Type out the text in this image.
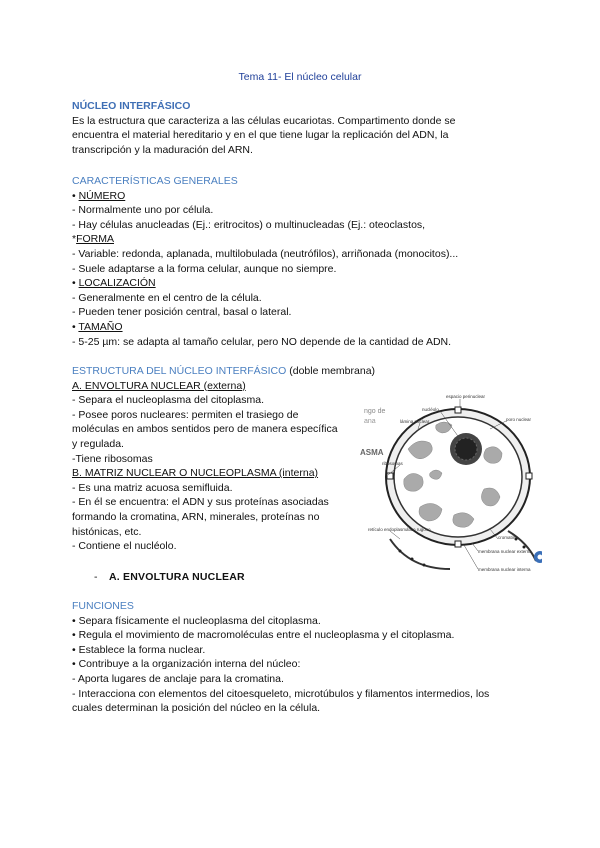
Tema 11- El núcleo celular
NÚCLEO INTERFÁSICO
Es la estructura que caracteriza a las células eucariotas. Compartimento donde se
encuentra el material hereditario y en el que tiene lugar la replicación del ADN, la
transcripción y la maduración del ARN.
CARACTERÍSTICAS GENERALES
• NÚMERO
- Normalmente uno por célula.
- Hay células anucleadas (Ej.: eritrocitos) o multinucleadas (Ej.: oteoclastos,
*FORMA
- Variable: redonda, aplanada, multilobulada (neutrófilos), arriñonada (monocitos)...
- Suele adaptarse a la forma celular, aunque no siempre.
• LOCALIZACIÓN
- Generalmente en el centro de la célula.
- Pueden tener posición central, basal o lateral.
• TAMAÑO
- 5-25 µm: se adapta al tamaño celular, pero NO depende de la cantidad de ADN.
ESTRUCTURA DEL NÚCLEO INTERFÁSICO (doble membrana)
A. ENVOLTURA NUCLEAR (externa)
- Separa el nucleoplasma del citoplasma.
- Posee poros nucleares: permiten el trasiego de
moléculas en ambos sentidos pero de manera específica
y regulada.
-Tiene ribosomas
B. MATRIZ NUCLEAR O NUCLEOPLASMA (interna)
- Es una matriz acuosa semifluida.
- En él se encuentra: el ADN y sus proteínas asociadas
formando la cromatina, ARN, minerales, proteínas no
histónicas, etc.
- Contiene el nucléolo.
ngo de
ana
ASMA
espacio perinuclear
nucléolo
lámina nuclear	poro nuclear
ribosomas
retículo endoplasmático rugoso
cromatina
membrana nuclear externa
membrana nuclear interna
- A. ENVOLTURA NUCLEAR
FUNCIONES
• Separa físicamente el nucleoplasma del citoplasma.
• Regula el movimiento de macromoléculas entre el nucleoplasma y el citoplasma.
• Establece la forma nuclear.
• Contribuye a la organización interna del núcleo:
- Aporta lugares de anclaje para la cromatina.
- Interacciona con elementos del citoesqueleto, microtúbulos y filamentos intermedios, los
cuales determinan la posición del núcleo en la célula.
